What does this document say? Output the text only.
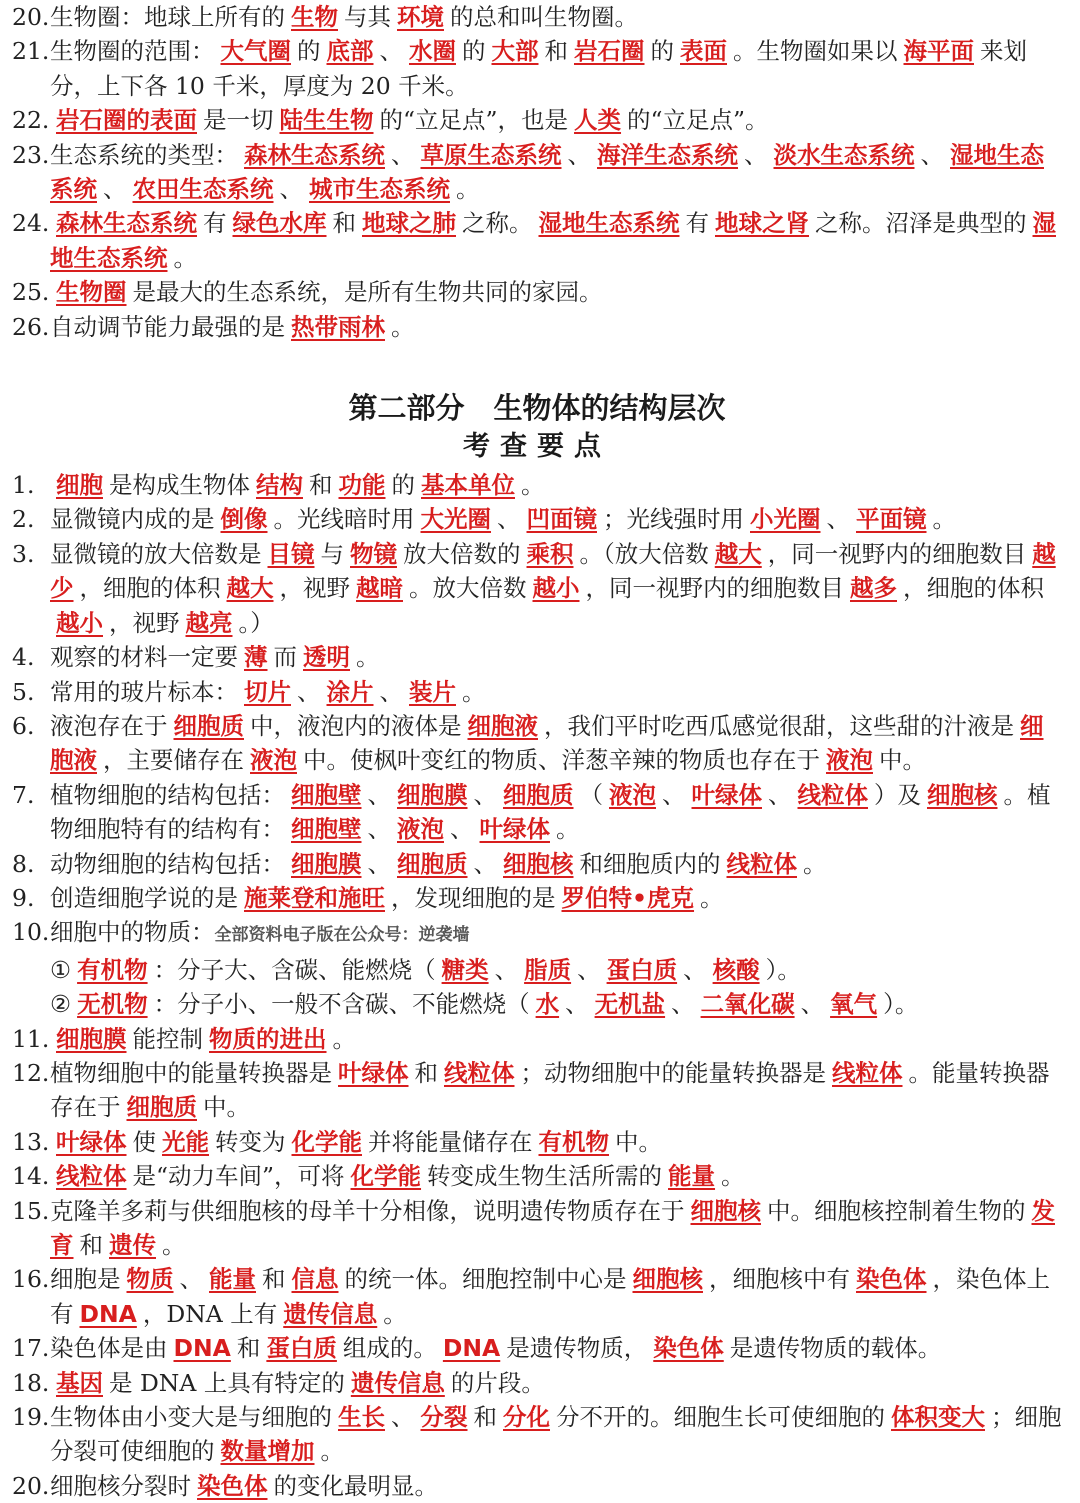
20. 生物圈：地球上所有的 生物 与其 环境 的总和叫生物圈。

21. 生物圈的范围： 大气圈 的 底部 、 水圈 的 大部 和 岩石圈 的 表面 。生物圈如果以 海平面 来划分，上下各 10 千米，厚度为 20 千米。

22. 岩石圈的表面 是一切 陆生生物 的“立足点”，也是 人类 的“立足点”。

23. 生态系统的类型： 森林生态系统 、 草原生态系统 、 海洋生态系统 、 淡水生态系统 、 湿地生态系统 、 农田生态系统 、 城市生态系统 。

24. 森林生态系统 有 绿色水库 和 地球之肺 之称。 湿地生态系统 有 地球之肾 之称。沼泽是典型的 湿地生态系统 。

25. 生物圈 是最大的生态系统，是所有生物共同的家园。

26. 自动调节能力最强的是 热带雨林 。

第二部分　生物体的结构层次
考查要点

1. 细胞 是构成生物体 结构 和 功能 的 基本单位 。

2. 显微镜内成的是 倒像 。光线暗时用 大光圈 、 凹面镜 ；光线强时用 小光圈 、 平面镜 。

3. 显微镜的放大倍数是 目镜 与 物镜 放大倍数的 乘积 。（放大倍数 越大 ，同一视野内的细胞数目 越少 ，细胞的体积 越大 ，视野 越暗 。放大倍数 越小 ，同一视野内的细胞数目 越多 ，细胞的体积越小 ，视野 越亮 。）

4. 观察的材料一定要 薄 而 透明 。

5. 常用的玻片标本： 切片 、 涂片 、 装片 。

6. 液泡存在于 细胞质 中，液泡内的液体是 细胞液 ，我们平时吃西瓜感觉很甜，这些甜的汁液是 细胞液 ，主要储存在 液泡 中。使枫叶变红的物质、洋葱辛辣的物质也存在于 液泡 中。

7. 植物细胞的结构包括： 细胞壁 、 细胞膜 、 细胞质 （ 液泡 、 叶绿体 、 线粒体 ）及 细胞核 。植物细胞特有的结构有： 细胞壁 、 液泡 、 叶绿体 。

8. 动物细胞的结构包括： 细胞膜 、 细胞质 、 细胞核 和细胞质内的 线粒体 。

9. 创造细胞学说的是 施莱登和施旺 ，发现细胞的是 罗伯特•虎克 。

10. 细胞中的物质：全部资料电子版在公众号：逆袭墙

① 有机物 ：分子大、含碳、能燃烧（ 糖类 、 脂质 、 蛋白质 、 核酸 ）。

② 无机物 ：分子小、一般不含碳、不能燃烧（ 水 、 无机盐 、 二氧化碳 、 氧气 ）。

11. 细胞膜 能控制 物质的进出 。

12. 植物细胞中的能量转换器是 叶绿体 和 线粒体 ；动物细胞中的能量转换器是 线粒体 。能量转换器存在于 细胞质 中。

13. 叶绿体 使 光能 转变为 化学能 并将能量储存在 有机物 中。

14. 线粒体 是“动力车间”，可将 化学能 转变成生物生活所需的 能量 。

15. 克隆羊多莉与供细胞核的母羊十分相像，说明遗传物质存在于 细胞核 中。细胞核控制着生物的 发育 和 遗传 。

16. 细胞是 物质 、 能量 和 信息 的统一体。细胞控制中心是 细胞核 ，细胞核中有 染色体 ，染色体上有 DNA ，DNA 上有 遗传信息 。

17. 染色体是由 DNA 和 蛋白质 组成的。 DNA 是遗传物质， 染色体 是遗传物质的载体。

18. 基因 是 DNA 上具有特定的 遗传信息 的片段。

19. 生物体由小变大是与细胞的 生长 、 分裂 和 分化 分不开的。细胞生长可使细胞的 体积变大 ；细胞分裂可使细胞的 数量增加 。

20. 细胞核分裂时 染色体 的变化最明显。
